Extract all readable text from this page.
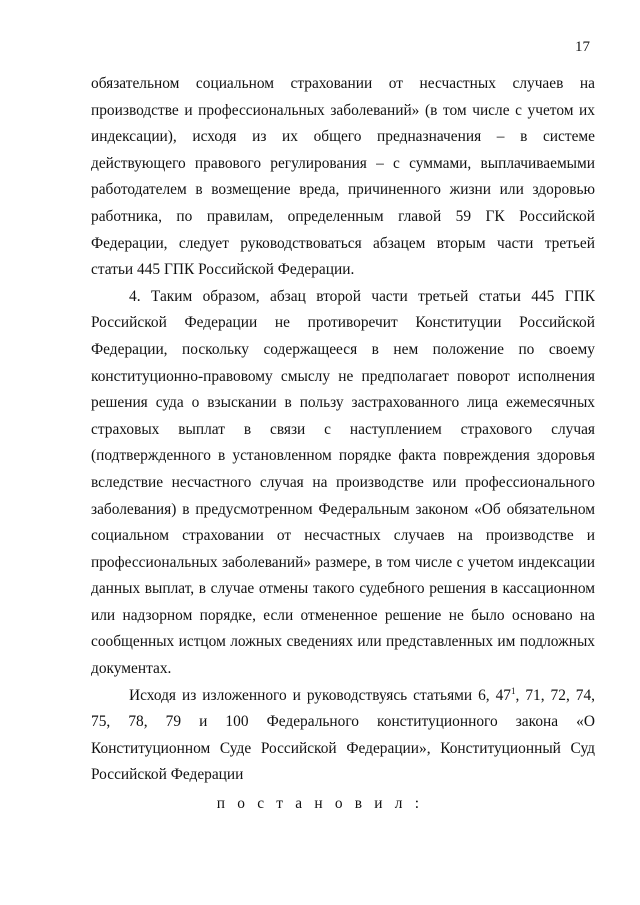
17

обязательном социальном страховании от несчастных случаев на производстве и профессиональных заболеваний» (в том числе с учетом их индексации), исходя из их общего предназначения – в системе действующего правового регулирования – с суммами, выплачиваемыми работодателем в возмещение вреда, причиненного жизни или здоровью работника, по правилам, определенным главой 59 ГК Российской Федерации, следует руководствоваться абзацем вторым части третьей статьи 445 ГПК Российской Федерации.

4. Таким образом, абзац второй части третьей статьи 445 ГПК Российской Федерации не противоречит Конституции Российской Федерации, поскольку содержащееся в нем положение по своему конституционно-правовому смыслу не предполагает поворот исполнения решения суда о взыскании в пользу застрахованного лица ежемесячных страховых выплат в связи с наступлением страхового случая (подтвержденного в установленном порядке факта повреждения здоровья вследствие несчастного случая на производстве или профессионального заболевания) в предусмотренном Федеральным законом «Об обязательном социальном страховании от несчастных случаев на производстве и профессиональных заболеваний» размере, в том числе с учетом индексации данных выплат, в случае отмены такого судебного решения в кассационном или надзорном порядке, если отмененное решение не было основано на сообщенных истцом ложных сведениях или представленных им подложных документах.

Исходя из изложенного и руководствуясь статьями 6, $47^1$, 71, 72, 74, 75, 78, 79 и 100 Федерального конституционного закона «О Конституционном Суде Российской Федерации», Конституционный Суд Российской Федерации

п о с т а н о в и л :
